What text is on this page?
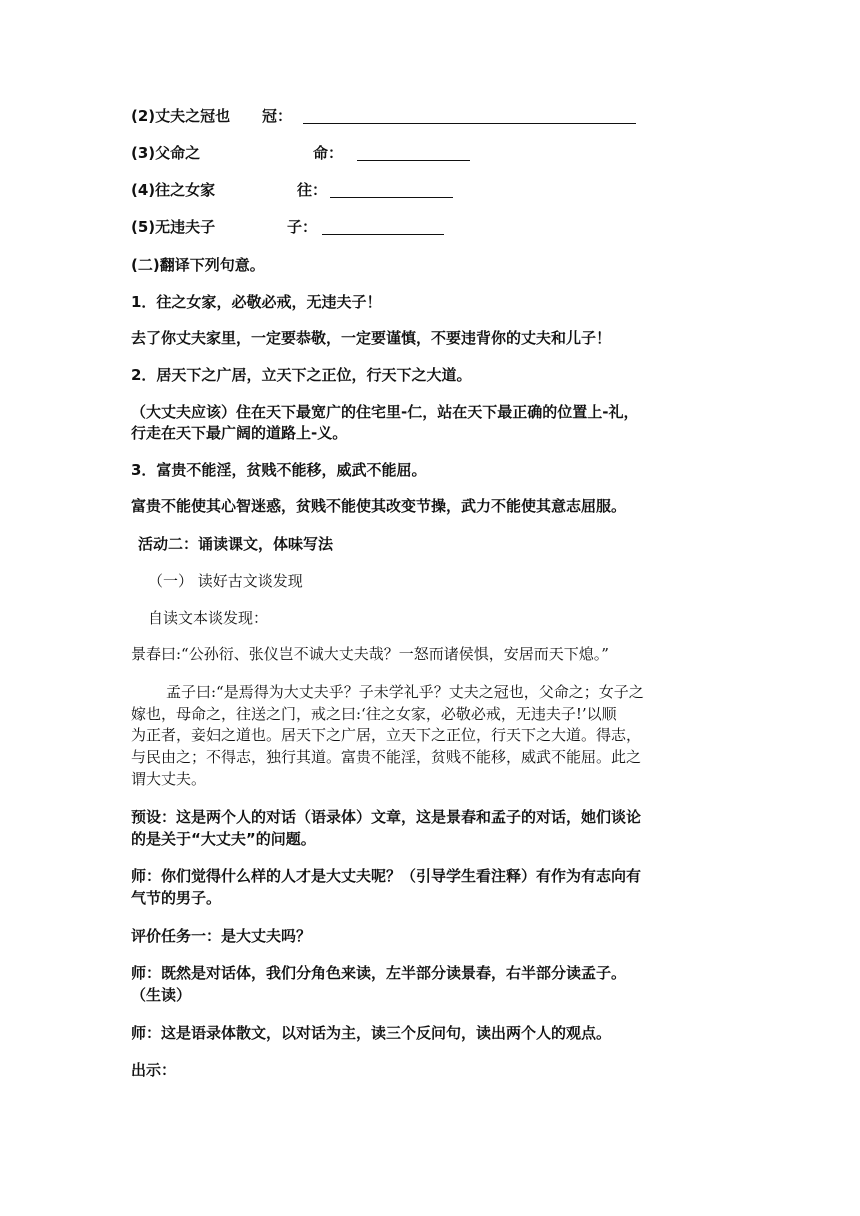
(2)丈夫之冠也 冠：
(3)父命之	命：
(4)往之女家	往：
(5)无违夫子	子：
(二)翻译下列句意。
1．往之女家，必敬必戒，无违夫子！
去了你丈夫家里，一定要恭敬，一定要谨慎，不要违背你的丈夫和儿子！
2．居天下之广居，立天下之正位，行天下之大道。
（大丈夫应该）住在天下最宽广的住宅里-仁，站在天下最正确的位置上-礼，
行走在天下最广阔的道路上-义。
3．富贵不能淫，贫贱不能移，威武不能屈。
富贵不能使其心智迷惑，贫贱不能使其改变节操，武力不能使其意志屈服。
活动二：诵读课文，体味写法
（一） 读好古文谈发现
自读文本谈发现：
景春曰:“公孙衍、张仪岂不诚大丈夫哉？一怒而诸侯惧，安居而天下熄。”
孟子曰:“是焉得为大丈夫乎？子未学礼乎？丈夫之冠也，父命之；女子之
嫁也，母命之，往送之门，戒之曰:‘往之女家，必敬必戒，无违夫子!’以顺
为正者，妾妇之道也。居天下之广居，立天下之正位，行天下之大道。得志，
与民由之；不得志，独行其道。富贵不能淫，贫贱不能移，威武不能屈。此之
谓大丈夫。
预设：这是两个人的对话（语录体）文章，这是景春和孟子的对话，她们谈论
的是关于“大丈夫”的问题。
师：你们觉得什么样的人才是大丈夫呢？（引导学生看注释）有作为有志向有
气节的男子。
评价任务一：是大丈夫吗？
师：既然是对话体，我们分角色来读，左半部分读景春，右半部分读孟子。
（生读）
师：这是语录体散文，以对话为主，读三个反问句，读出两个人的观点。
出示：
